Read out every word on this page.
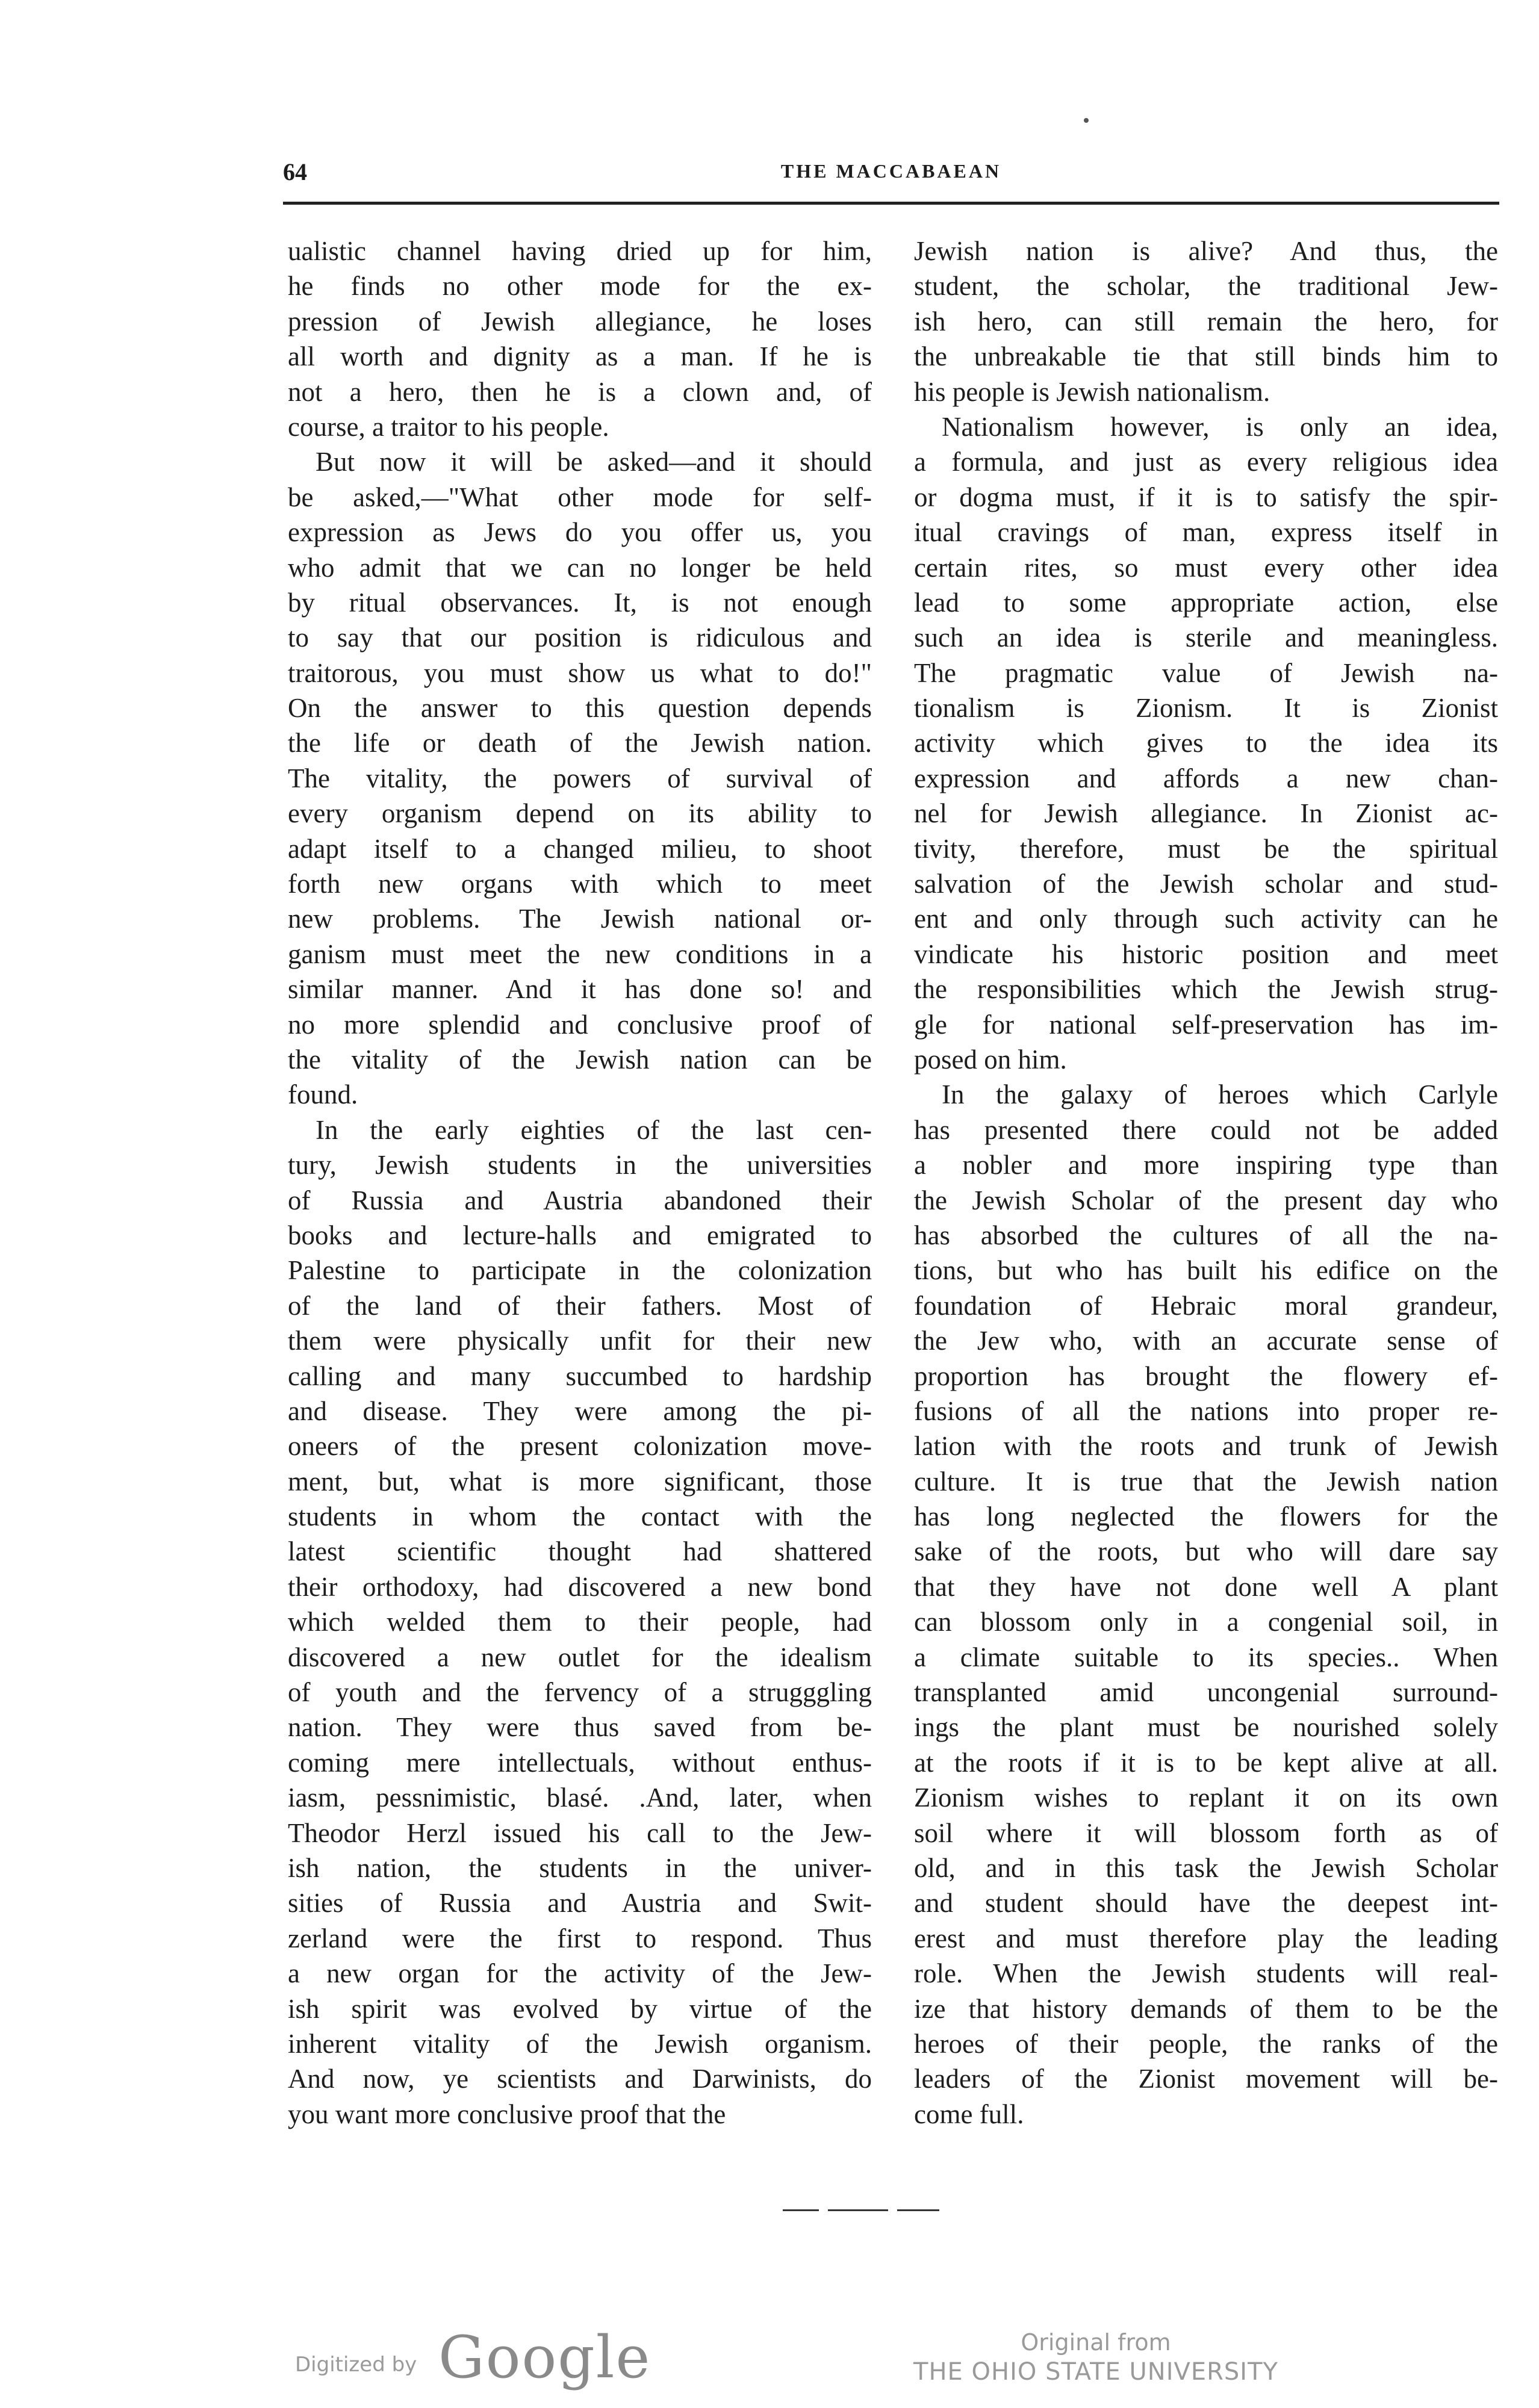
64	THE MACCABAEAN
ualistic channel having dried up for him,
he finds no other mode for the ex-
pression of Jewish allegiance, he loses
all worth and dignity as a man. If he is
not a hero, then he is a clown and, of
course, a traitor to his people.
But now it will be asked—and it should
be asked,—"What other mode for self-
expression as Jews do you offer us, you
who admit that we can no longer be held
by ritual observances. It, is not enough
to say that our position is ridiculous and
traitorous, you must show us what to do!"
On the answer to this question depends
the life or death of the Jewish nation.
The vitality, the powers of survival of
every organism depend on its ability to
adapt itself to a changed milieu, to shoot
forth new organs with which to meet
new problems. The Jewish national or-
ganism must meet the new conditions in a
similar manner. And it has done so! and
no more splendid and conclusive proof of
the vitality of the Jewish nation can be
found.
In the early eighties of the last cen-
tury, Jewish students in the universities
of Russia and Austria abandoned their
books and lecture-halls and emigrated to
Palestine to participate in the colonization
of the land of their fathers. Most of
them were physically unfit for their new
calling and many succumbed to hardship
and disease. They were among the pi-
oneers of the present colonization move-
ment, but, what is more significant, those
students in whom the contact with the
latest scientific thought had shattered
their orthodoxy, had discovered a new bond
which welded them to their people, had
discovered a new outlet for the idealism
of youth and the fervency of a strugggling
nation. They were thus saved from be-
coming mere intellectuals, without enthus-
iasm, pessnimistic, blasé. .And, later, when
Theodor Herzl issued his call to the Jew-
ish nation, the students in the univer-
sities of Russia and Austria and Swit-
zerland were the first to respond. Thus
a new organ for the activity of the Jew-
ish spirit was evolved by virtue of the
inherent vitality of the Jewish organism.
And now, ye scientists and Darwinists, do
you want more conclusive proof that the
Jewish nation is alive? And thus, the
student, the scholar, the traditional Jew-
ish hero, can still remain the hero, for
the unbreakable tie that still binds him to
his people is Jewish nationalism.
Nationalism however, is only an idea,
a formula, and just as every religious idea
or dogma must, if it is to satisfy the spir-
itual cravings of man, express itself in
certain rites, so must every other idea
lead to some appropriate action, else
such an idea is sterile and meaningless.
The pragmatic value of Jewish na-
tionalism is Zionism. It is Zionist
activity which gives to the idea its
expression and affords a new chan-
nel for Jewish allegiance. In Zionist ac-
tivity, therefore, must be the spiritual
salvation of the Jewish scholar and stud-
ent and only through such activity can he
vindicate his historic position and meet
the responsibilities which the Jewish strug-
gle for national self-preservation has im-
posed on him.
In the galaxy of heroes which Carlyle
has presented there could not be added
a nobler and more inspiring type than
the Jewish Scholar of the present day who
has absorbed the cultures of all the na-
tions, but who has built his edifice on the
foundation of Hebraic moral grandeur,
the Jew who, with an accurate sense of
proportion has brought the flowery ef-
fusions of all the nations into proper re-
lation with the roots and trunk of Jewish
culture. It is true that the Jewish nation
has long neglected the flowers for the
sake of the roots, but who will dare say
that they have not done well A plant
can blossom only in a congenial soil, in
a climate suitable to its species.. When
transplanted amid uncongenial surround-
ings the plant must be nourished solely
at the roots if it is to be kept alive at all.
Zionism wishes to replant it on its own
soil where it will blossom forth as of
old, and in this task the Jewish Scholar
and student should have the deepest int-
erest and must therefore play the leading
role. When the Jewish students will real-
ize that history demands of them to be the
heroes of their people, the ranks of the
leaders of the Zionist movement will be-
come full.
Digitized by Google	Original from
THE OHIO STATE UNIVERSITY
